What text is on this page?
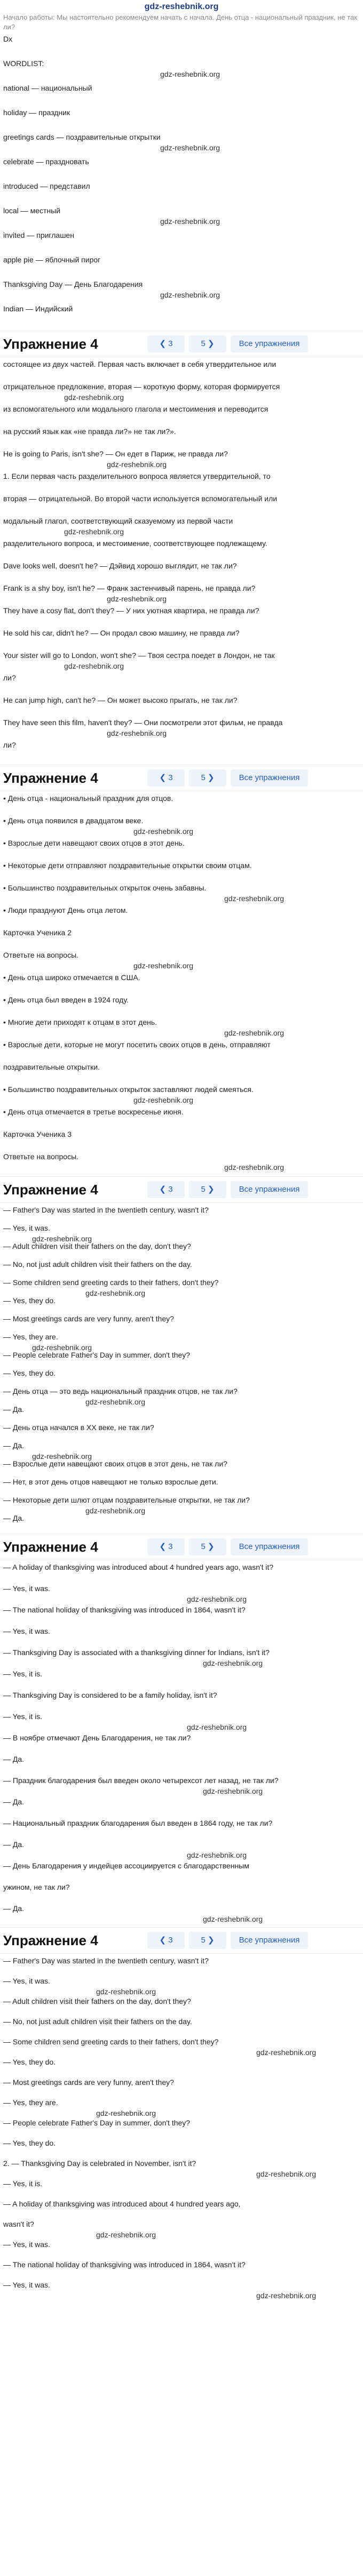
gdz-reshebnik.org
Начало работы: Мы настоятельно рекомендуем начать с начала. День отца - национальный праздник, не так ли?
Dx
WORDLIST:
gdz-reshebnik.org
national — национальный
holiday — праздник
greetings cards — поздравительные открытки
gdz-reshebnik.org
celebrate — праздновать
introduced — представил
local — местный
gdz-reshebnik.org
invited — приглашен
apple pie — яблочный пирог
Thanksgiving Day — День Благодарения
gdz-reshebnik.org
Indian — Индийский
Упражнение 4	❮ 3	5 ❯	Все упражнения
состоящее из двух частей. Первая часть включает в себя утвердительное или
отрицательное предложение, вторая — короткую форму, которая формируется
gdz-reshebnik.org
из вспомогательного или модального глагола и местоимения и переводится
на русский язык как «не правда ли?» не так ли?».
He is going to Paris, isn't she? — Он едет в Париж, не правда ли?
gdz-reshebnik.org
1. Если первая часть разделительного вопроса является утвердительной, то
вторая — отрицательной. Во второй части используется вспомогательный или
модальный глагол, соответствующий сказуемому из первой части
gdz-reshebnik.org
разделительного вопроса, и местоимение, соответствующее подлежащему.
Dave looks well, doesn't he? — Дэйвид хорошо выглядит, не так ли?
Frank is a shy boy, isn't he? — Франк застенчивый парень, не правда ли?
gdz-reshebnik.org
They have a cosy flat, don't they? — У них уютная квартира, не правда ли?
He sold his car, didn't he? — Он продал свою машину, не правда ли?
Your sister will go to London, won't she? — Твоя сестра поедет в Лондон, не так
gdz-reshebnik.org
ли?
He can jump high, can't he? — Он может высоко прыгать, не так ли?
They have seen this film, haven't they? — Они посмотрели этот фильм, не правда
gdz-reshebnik.org
ли?
Упражнение 4	❮ 3	5 ❯	Все упражнения
• День отца - национальный праздник для отцов.
• День отца появился в двадцатом веке.
gdz-reshebnik.org
• Взрослые дети навещают своих отцов в этот день.
• Некоторые дети отправляют поздравительные открытки своим отцам.
• Большинство поздравительных открыток очень забавны.
gdz-reshebnik.org
• Люди празднуют День отца летом.
Карточка Ученика 2
Ответьте на вопросы.
gdz-reshebnik.org
• День отца широко отмечается в США.
• День отца был введен в 1924 году.
• Многие дети приходят к отцам в этот день.
gdz-reshebnik.org
• Взрослые дети, которые не могут посетить своих отцов в день, отправляют
поздравительные открытки.
• Большинство поздравительных открыток заставляют людей смеяться.
gdz-reshebnik.org
• День отца отмечается в третье воскресенье июня.
Карточка Ученика 3
Ответьте на вопросы.
gdz-reshebnik.org
Упражнение 4	❮ 3	5 ❯	Все упражнения
— Father's Day was started in the twentieth century, wasn't it?
— Yes, it was.
gdz-reshebnik.org
— Adult children visit their fathers on the day, don't they?
— No, not just adult children visit their fathers on the day.
— Some children send greeting cards to their fathers, don't they?
gdz-reshebnik.org
— Yes, they do.
— Most greetings cards are very funny, aren't they?
— Yes, they are.
gdz-reshebnik.org
— People celebrate Father's Day in summer, don't they?
— Yes, they do.
— День отца — это ведь национальный праздник отцов, не так ли?
gdz-reshebnik.org
— Да.
— День отца начался в ХХ веке, не так ли?
— Да.
gdz-reshebnik.org
— Взрослые дети навещают своих отцов в этот день, не так ли?
— Нет, в этот день отцов навещают не только взрослые дети.
— Некоторые дети шлют отцам поздравительные открытки, не так ли?
gdz-reshebnik.org
— Да.
Упражнение 4	❮ 3	5 ❯	Все упражнения
— A holiday of thanksgiving was introduced about 4 hundred years ago, wasn't it?
— Yes, it was.
gdz-reshebnik.org
— The national holiday of thanksgiving was introduced in 1864, wasn't it?
— Yes, it was.
— Thanksgiving Day is associated with a thanksgiving dinner for Indians, isn't it?
gdz-reshebnik.org
— Yes, it is.
— Thanksgiving Day is considered to be a family holiday, isn't it?
— Yes, it is.
gdz-reshebnik.org
— В ноябре отмечают День Благодарения, не так ли?
— Да.
— Праздник благодарения был введен около четырехсот лет назад, не так ли?
gdz-reshebnik.org
— Да.
— Национальный праздник благодарения был введен в 1864 году, не так ли?
— Да.
gdz-reshebnik.org
— День Благодарения у индейцев ассоциируется с благодарственным
ужином, не так ли?
— Да.
gdz-reshebnik.org
Упражнение 4	❮ 3	5 ❯	Все упражнения
— Father's Day was started in the twentieth century, wasn't it?
— Yes, it was.
gdz-reshebnik.org
— Adult children visit their fathers on the day, don't they?
— No, not just adult children visit their fathers on the day.
— Some children send greeting cards to their fathers, don't they?
gdz-reshebnik.org
— Yes, they do.
— Most greetings cards are very funny, aren't they?
— Yes, they are.
gdz-reshebnik.org
— People celebrate Father's Day in summer, don't they?
— Yes, they do.
2. — Thanksgiving Day is celebrated in November, isn't it?
gdz-reshebnik.org
— Yes, it is.
— A holiday of thanksgiving was introduced about 4 hundred years ago,
wasn't it?
gdz-reshebnik.org
— Yes, it was.
— The national holiday of thanksgiving was introduced in 1864, wasn't it?
— Yes, it was.
gdz-reshebnik.org
